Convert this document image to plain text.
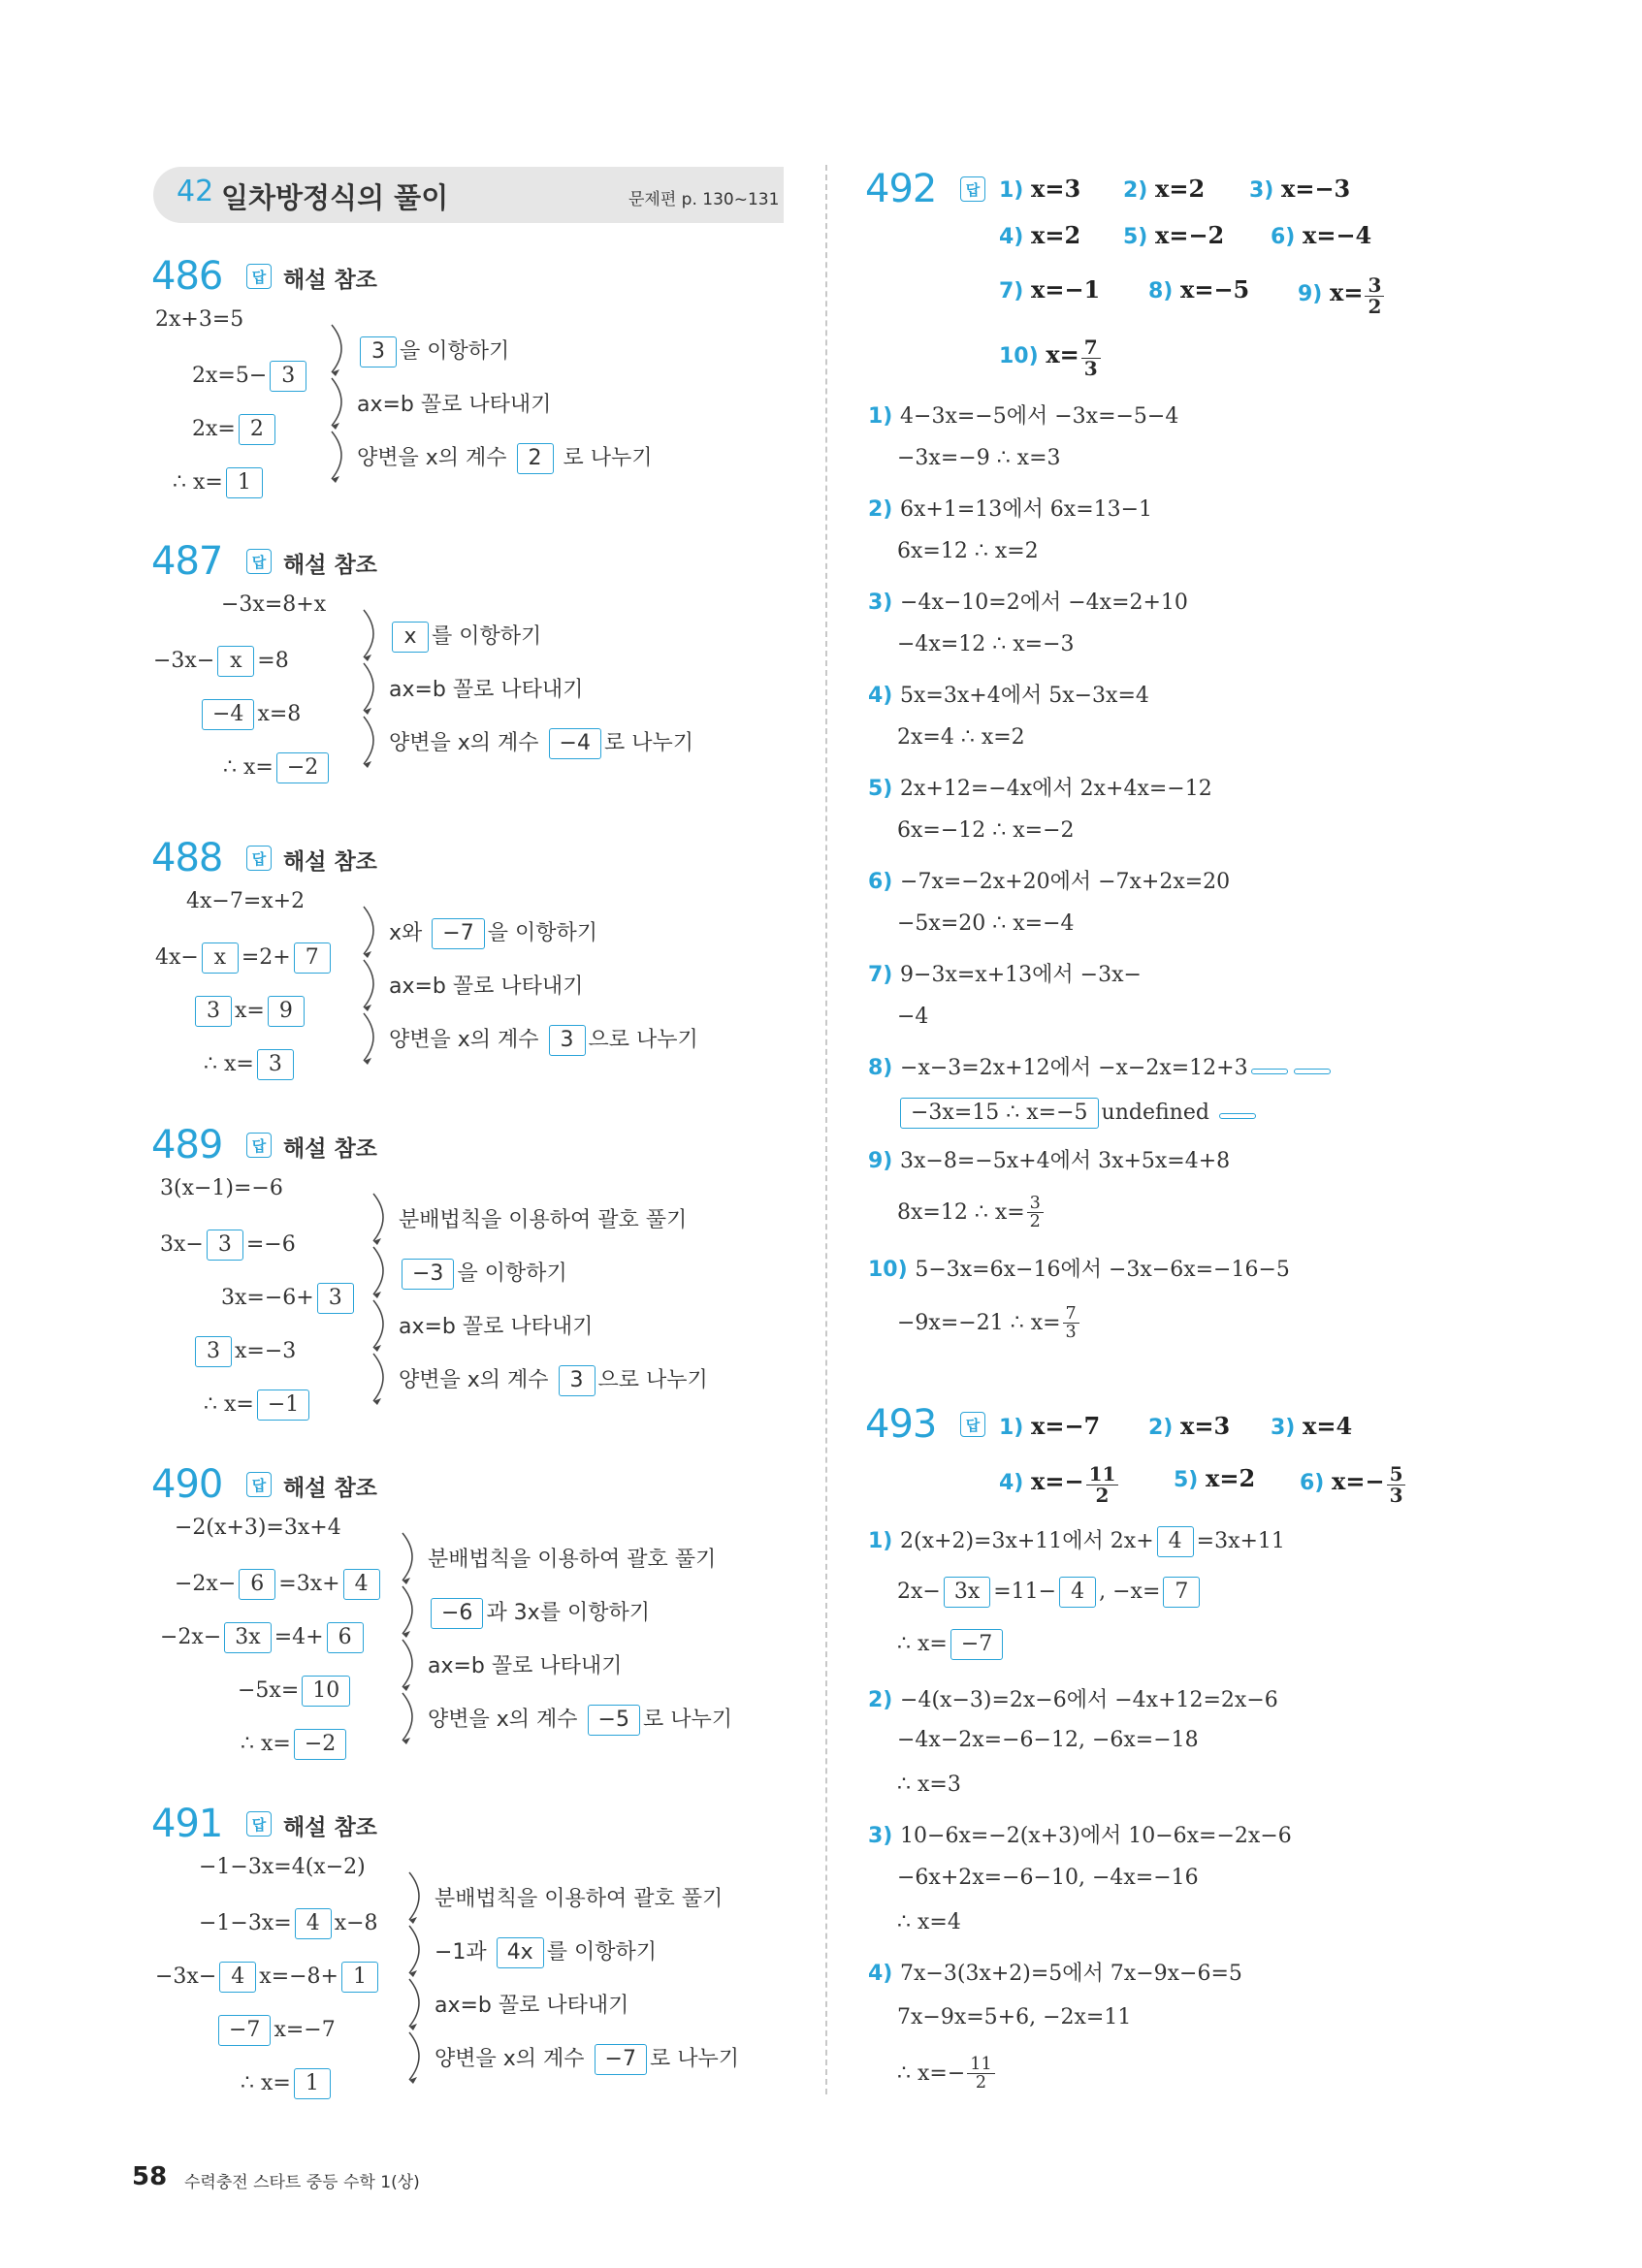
42 일차방정식의 풀이	문제편 p. 130~131
486	답 해설 참조
2x+3=5
2x=5− 3
2x= 2
∴ x= 1
3 을 이항하기
ax=b 꼴로 나타내기
양변을 x의 계수 2 로 나누기
487	답 해설 참조
−3x=8+x
−3x− x =8
−4 x=8
∴ x= −2
x 를 이항하기
ax=b 꼴로 나타내기
양변을 x의 계수 −4 로 나누기
488	답 해설 참조
4x−7=x+2
4x− x =2+ 7
3 x= 9
∴ x= 3
x와 −7 을 이항하기
ax=b 꼴로 나타내기
양변을 x의 계수 3 으로 나누기
489	답 해설 참조
3(x−1)=−6
3x− 3 =−6
3x=−6+ 3
3 x=−3
∴ x= −1
분배법칙을 이용하여 괄호 풀기
−3 을 이항하기
ax=b 꼴로 나타내기
양변을 x의 계수 3 으로 나누기
490	답 해설 참조
−2(x+3)=3x+4
−2x− 6 =3x+ 4
−2x− 3x =4+ 6
−5x= 10
∴ x= −2
분배법칙을 이용하여 괄호 풀기
−6 과 3x를 이항하기
ax=b 꼴로 나타내기
양변을 x의 계수 −5 로 나누기
491	답 해설 참조
−1−3x=4(x−2)
−1−3x= 4 x−8
−3x− 4 x=−8+ 1
−7 x=−7
∴ x= 1
분배법칙을 이용하여 괄호 풀기
−1과 4x 를 이항하기
ax=b 꼴로 나타내기
양변을 x의 계수 −7 로 나누기
492	답 1) x=3 2) x=2 3) x=−3
4) x=2 5) x=−2 6) x=−4
7) x=−1 8) x=−5 9) $x= \frac{3}{2}$
10) $x= \frac{7}{3}$
1) 4−3x=−5에서 −3x=−5−4
−3x=−9 ∴ x=3
2) 6x+1=13에서 6x=13−1
6x=12 ∴ x=2
3) −4x−10=2에서 −4x=2+10
−4x=12 ∴ x=−3
4) 5x=3x+4에서 5x−3x=4
2x=4 ∴ x=2
5) 2x+12=−4x에서 2x+4x=−12
6x=−12 ∴ x=−2
6) −7x=−2x+20에서 −7x+2x=20
−5x=20 ∴ x=−4
7) 9−3x=x+13에서 −3x−
−4
8) −x−3=2x+12에서 −x−2x=12+3
−3x=15 ∴ x=−5 undefined
9) 3x−8=−5x+4에서 3x+5x=4+8
8x=12 ∴ $x= \frac{3}{2}$
10) 5−3x=6x−16에서 −3x−6x=−16−5
−9x=−21 ∴ $x= \frac{7}{3}$
493	답 1) x=−7 2) x=3 3) x=4
4) $x=- \frac{11}{2}$	5) x=2 6) $x=- \frac{5}{3}$
1) 2(x+2)=3x+11에서 2x+ 4 =3x+11
2x− 3x =11− 4 , −x= 7
∴ x= −7
2) −4(x−3)=2x−6에서 −4x+12=2x−6
−4x−2x=−6−12, −6x=−18
∴ x=3
3) 10−6x=−2(x+3)에서 10−6x=−2x−6
−6x+2x=−6−10, −4x=−16
∴ x=4
4) 7x−3(3x+2)=5에서 7x−9x−6=5
7x−9x=5+6, −2x=11
∴ $x=- \frac{11}{2}$
58 수력충전 스타트 중등 수학 1(상)
